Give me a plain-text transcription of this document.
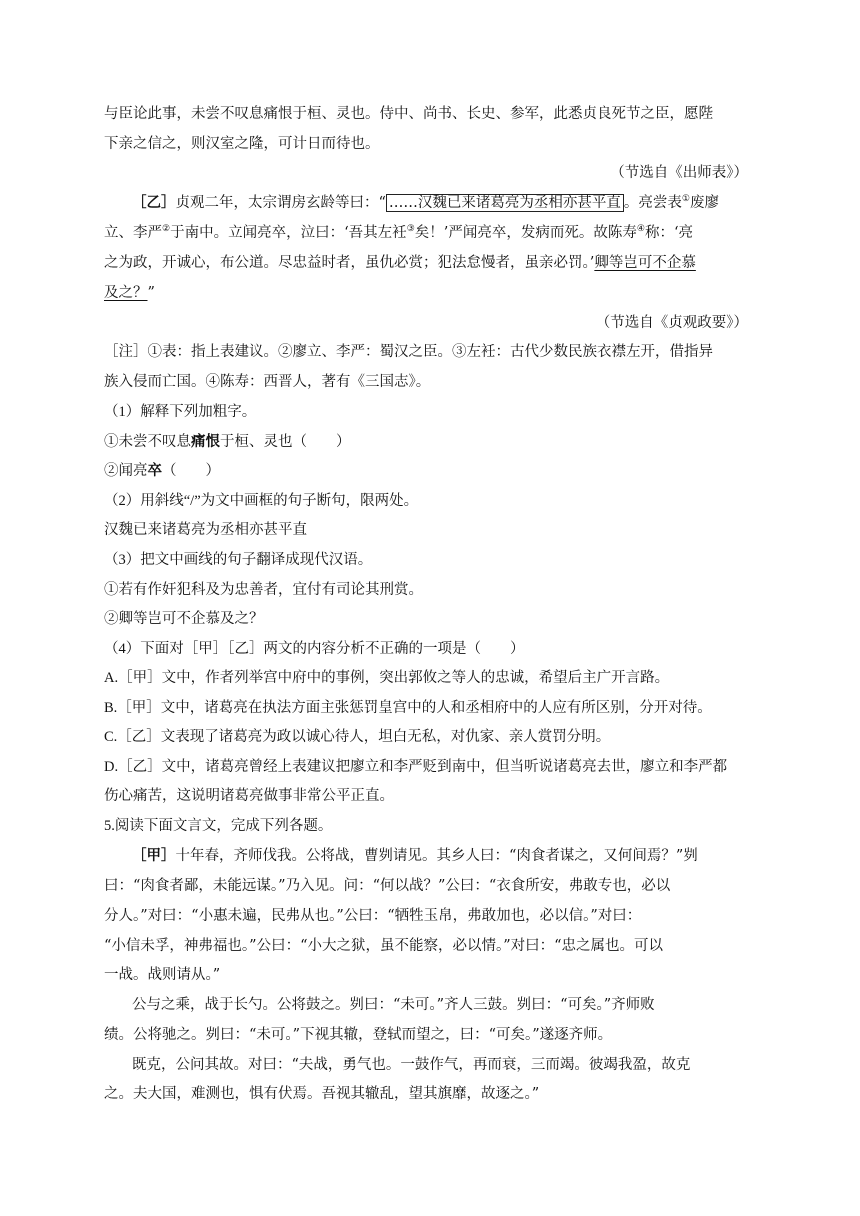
与臣论此事，未尝不叹息痛恨于桓、灵也。侍中、尚书、长史、参军，此悉贞良死节之臣，愿陛
下亲之信之，则汉室之隆，可计日而待也。
（节选自《出师表》）
［乙］贞观二年，太宗谓房玄龄等曰：“ ……汉魏已来诸葛亮为丞相亦甚平直 。亮尝表①废廖
立、李严②于南中。立闻亮卒，泣曰：‘吾其左衽③矣！’严闻亮卒，发病而死。故陈寿④称：‘亮
之为政，开诚心，布公道。尽忠益时者，虽仇必赏；犯法怠慢者，虽亲必罚。’卿等岂可不企慕
及之？”
（节选自《贞观政要》）
［注］①表：指上表建议。②廖立、李严：蜀汉之臣。③左衽：古代少数民族衣襟左开，借指异
族入侵而亡国。④陈寿：西晋人，著有《三国志》。
（1）解释下列加粗字。
①未尝不叹息痛恨于桓、灵也（　　）
②闻亮卒（　　）
（2）用斜线“/”为文中画框的句子断句，限两处。
汉魏已来诸葛亮为丞相亦甚平直
（3）把文中画线的句子翻译成现代汉语。
①若有作奸犯科及为忠善者，宜付有司论其刑赏。
②卿等岂可不企慕及之？
（4）下面对［甲］［乙］两文的内容分析不正确的一项是（　　）
A.［甲］文中，作者列举宫中府中的事例，突出郭攸之等人的忠诚，希望后主广开言路。
B.［甲］文中，诸葛亮在执法方面主张惩罚皇宫中的人和丞相府中的人应有所区别，分开对待。
C.［乙］文表现了诸葛亮为政以诚心待人，坦白无私，对仇家、亲人赏罚分明。
D.［乙］文中，诸葛亮曾经上表建议把廖立和李严贬到南中，但当听说诸葛亮去世，廖立和李严都
伤心痛苦，这说明诸葛亮做事非常公平正直。
5.阅读下面文言文，完成下列各题。
［甲］十年春，齐师伐我。公将战，曹刿请见。其乡人曰：“肉食者谋之，又何间焉？”刿
曰：“肉食者鄙，未能远谋。”乃入见。问：“何以战？”公曰：“衣食所安，弗敢专也，必以
分人。”对曰：“小惠未遍，民弗从也。”公曰：“牺牲玉帛，弗敢加也，必以信。”对曰：
“小信未孚，神弗福也。”公曰：“小大之狱，虽不能察，必以情。”对曰：“忠之属也。可以
一战。战则请从。”
公与之乘，战于长勺。公将鼓之。刿曰：“未可。”齐人三鼓。刿曰：“可矣。”齐师败
绩。公将驰之。刿曰：“未可。”下视其辙，登轼而望之，曰：“可矣。”遂逐齐师。
既克，公问其故。对曰：“夫战，勇气也。一鼓作气，再而衰，三而竭。彼竭我盈，故克
之。夫大国，难测也，惧有伏焉。吾视其辙乱，望其旗靡，故逐之。”
